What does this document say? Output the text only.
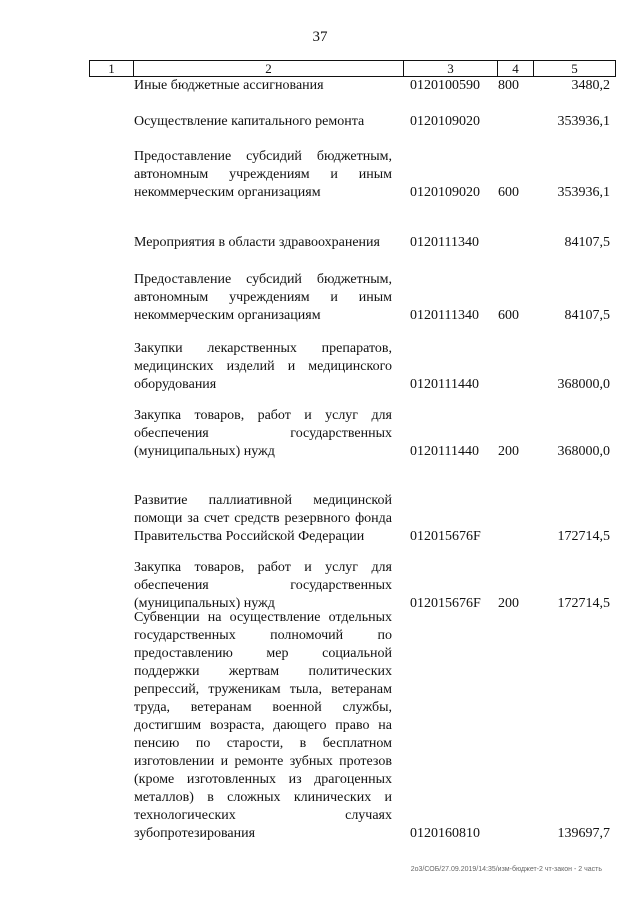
37
1	2	3	4	5
Иные бюджетные ассигнования	0120100590 800	3480,2
Осуществление капитального ремонта	0120109020	353936,1
Предоставление субсидий бюджетным, автономным учреждениям и иным некоммерческим организациям	0120109020 600	353936,1
Мероприятия в области здравоохранения	0120111340	84107,5
Предоставление субсидий бюджетным, автономным учреждениям и иным некоммерческим организациям	0120111340 600	84107,5
Закупки лекарственных препаратов, медицинских изделий и медицинского оборудования	0120111440	368000,0
Закупка товаров, работ и услуг для обеспечения государственных (муниципальных) нужд	0120111440 200	368000,0
Развитие паллиативной медицинской помощи за счет средств резервного фонда Правительства Российской Федерации	012015676F	172714,5
Закупка товаров, работ и услуг для обеспечения государственных (муниципальных) нужд	012015676F 200	172714,5
Субвенции на осуществление отдельных государственных полномочий по предоставлению мер социальной поддержки жертвам политических репрессий, труженикам тыла, ветеранам труда, ветеранам военной службы, достигшим возраста, дающего право на пенсию по старости, в бесплатном изготовлении и ремонте зубных протезов (кроме изготовленных из драгоценных металлов) в сложных клинических и технологических случаях зубопротезирования	0120160810	139697,7
2o3/СОБ/27.09.2019/14:35/изм-бюджет-2 чт-закон - 2 часть
